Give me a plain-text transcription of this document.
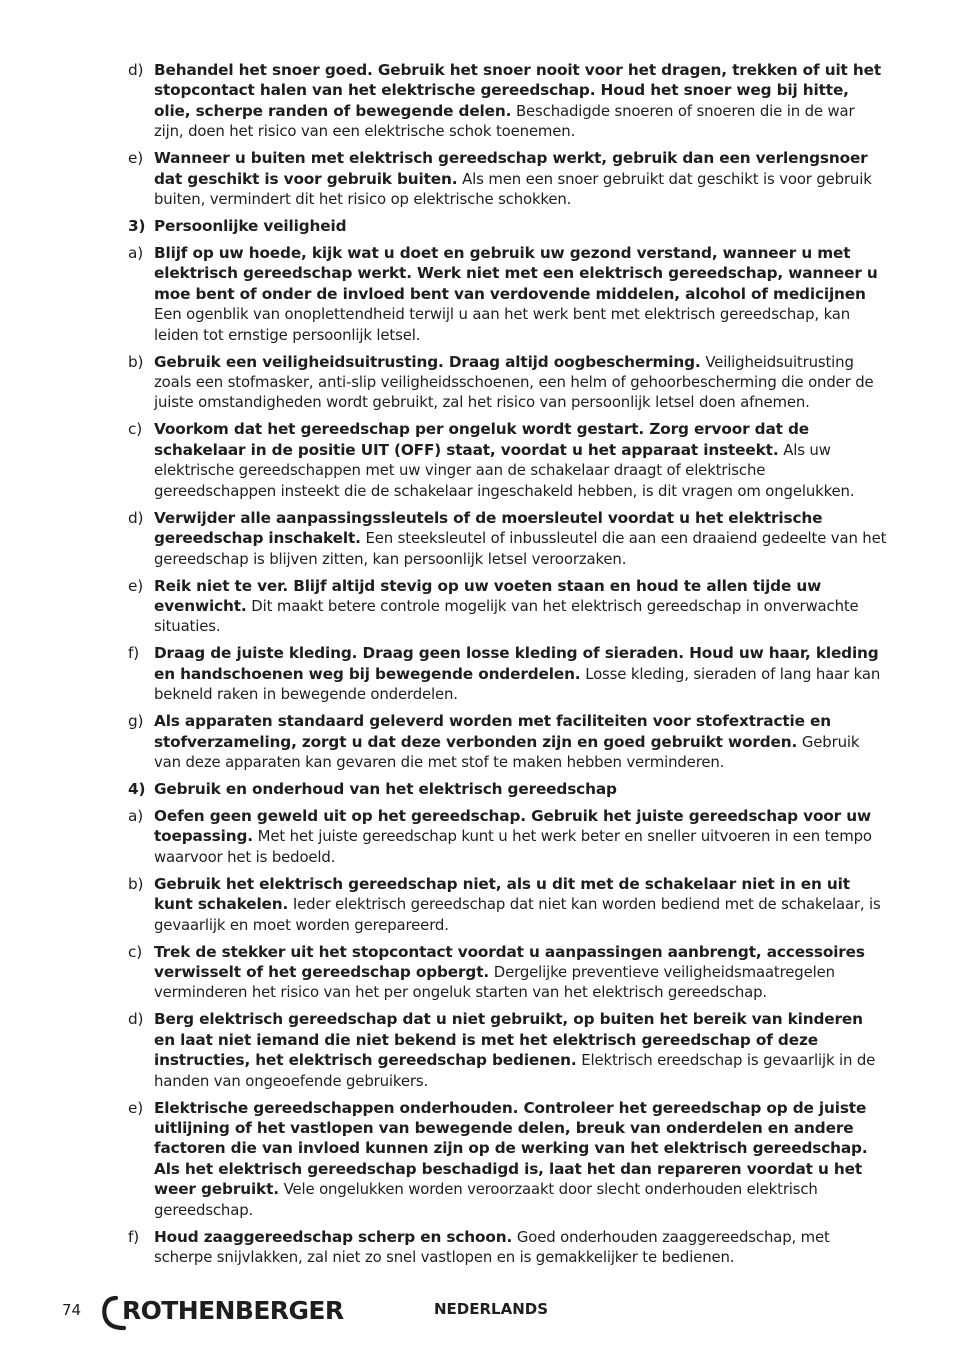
d) Behandel het snoer goed. Gebruik het snoer nooit voor het dragen, trekken of uit het stopcontact halen van het elektrische gereedschap. Houd het snoer weg bij hitte, olie, scherpe randen of bewegende delen. Beschadigde snoeren of snoeren die in de war zijn, doen het risico van een elektrische schok toenemen.
e) Wanneer u buiten met elektrisch gereedschap werkt, gebruik dan een verlengsnoer dat geschikt is voor gebruik buiten. Als men een snoer gebruikt dat geschikt is voor gebruik buiten, vermindert dit het risico op elektrische schokken.
3) Persoonlijke veiligheid
a) Blijf op uw hoede, kijk wat u doet en gebruik uw gezond verstand, wanneer u met elektrisch gereedschap werkt. Werk niet met een elektrisch gereedschap, wanneer u moe bent of onder de invloed bent van verdovende middelen, alcohol of medicijnen Een ogenblik van onoplettendheid terwijl u aan het werk bent met elektrisch gereedschap, kan leiden tot ernstige persoonlijk letsel.
b) Gebruik een veiligheidsuitrusting. Draag altijd oogbescherming. Veiligheidsuitrusting zoals een stofmasker, anti-slip veiligheidsschoenen, een helm of gehoorbescherming die onder de juiste omstandigheden wordt gebruikt, zal het risico van persoonlijk letsel doen afnemen.
c) Voorkom dat het gereedschap per ongeluk wordt gestart. Zorg ervoor dat de schakelaar in de positie UIT (OFF) staat, voordat u het apparaat insteekt. Als uw elektrische gereedschappen met uw vinger aan de schakelaar draagt of elektrische gereedschappen insteekt die de schakelaar ingeschakeld hebben, is dit vragen om ongelukken.
d) Verwijder alle aanpassingssleutels of de moersleutel voordat u het elektrische gereedschap inschakelt. Een steeksleutel of inbussleutel die aan een draaiend gedeelte van het gereedschap is blijven zitten, kan persoonlijk letsel veroorzaken.
e) Reik niet te ver. Blijf altijd stevig op uw voeten staan en houd te allen tijde uw evenwicht. Dit maakt betere controle mogelijk van het elektrisch gereedschap in onverwachte situaties.
f) Draag de juiste kleding. Draag geen losse kleding of sieraden. Houd uw haar, kleding en handschoenen weg bij bewegende onderdelen. Losse kleding, sieraden of lang haar kan bekneld raken in bewegende onderdelen.
g) Als apparaten standaard geleverd worden met faciliteiten voor stofextractie en stofverzameling, zorgt u dat deze verbonden zijn en goed gebruikt worden. Gebruik van deze apparaten kan gevaren die met stof te maken hebben verminderen.
4) Gebruik en onderhoud van het elektrisch gereedschap
a) Oefen geen geweld uit op het gereedschap. Gebruik het juiste gereedschap voor uw toepassing. Met het juiste gereedschap kunt u het werk beter en sneller uitvoeren in een tempo waarvoor het is bedoeld.
b) Gebruik het elektrisch gereedschap niet, als u dit met de schakelaar niet in en uit kunt schakelen. Ieder elektrisch gereedschap dat niet kan worden bediend met de schakelaar, is gevaarlijk en moet worden gerepareerd.
c) Trek de stekker uit het stopcontact voordat u aanpassingen aanbrengt, accessoires verwisselt of het gereedschap opbergt. Dergelijke preventieve veiligheidsmaatregelen verminderen het risico van het per ongeluk starten van het elektrisch gereedschap.
d) Berg elektrisch gereedschap dat u niet gebruikt, op buiten het bereik van kinderen en laat niet iemand die niet bekend is met het elektrisch gereedschap of deze instructies, het elektrisch gereedschap bedienen. Elektrisch ereedschap is gevaarlijk in de handen van ongeoefende gebruikers.
e) Elektrische gereedschappen onderhouden. Controleer het gereedschap op de juiste uitlijning of het vastlopen van bewegende delen, breuk van onderdelen en andere factoren die van invloed kunnen zijn op de werking van het elektrisch gereedschap. Als het elektrisch gereedschap beschadigd is, laat het dan repareren voordat u het weer gebruikt. Vele ongelukken worden veroorzaakt door slecht onderhouden elektrisch gereedschap.
f) Houd zaaggereedschap scherp en schoon. Goed onderhouden zaaggereedschap, met scherpe snijvlakken, zal niet zo snel vastlopen en is gemakkelijker te bedienen.
74 ROTHENBERGER	NEDERLANDS
